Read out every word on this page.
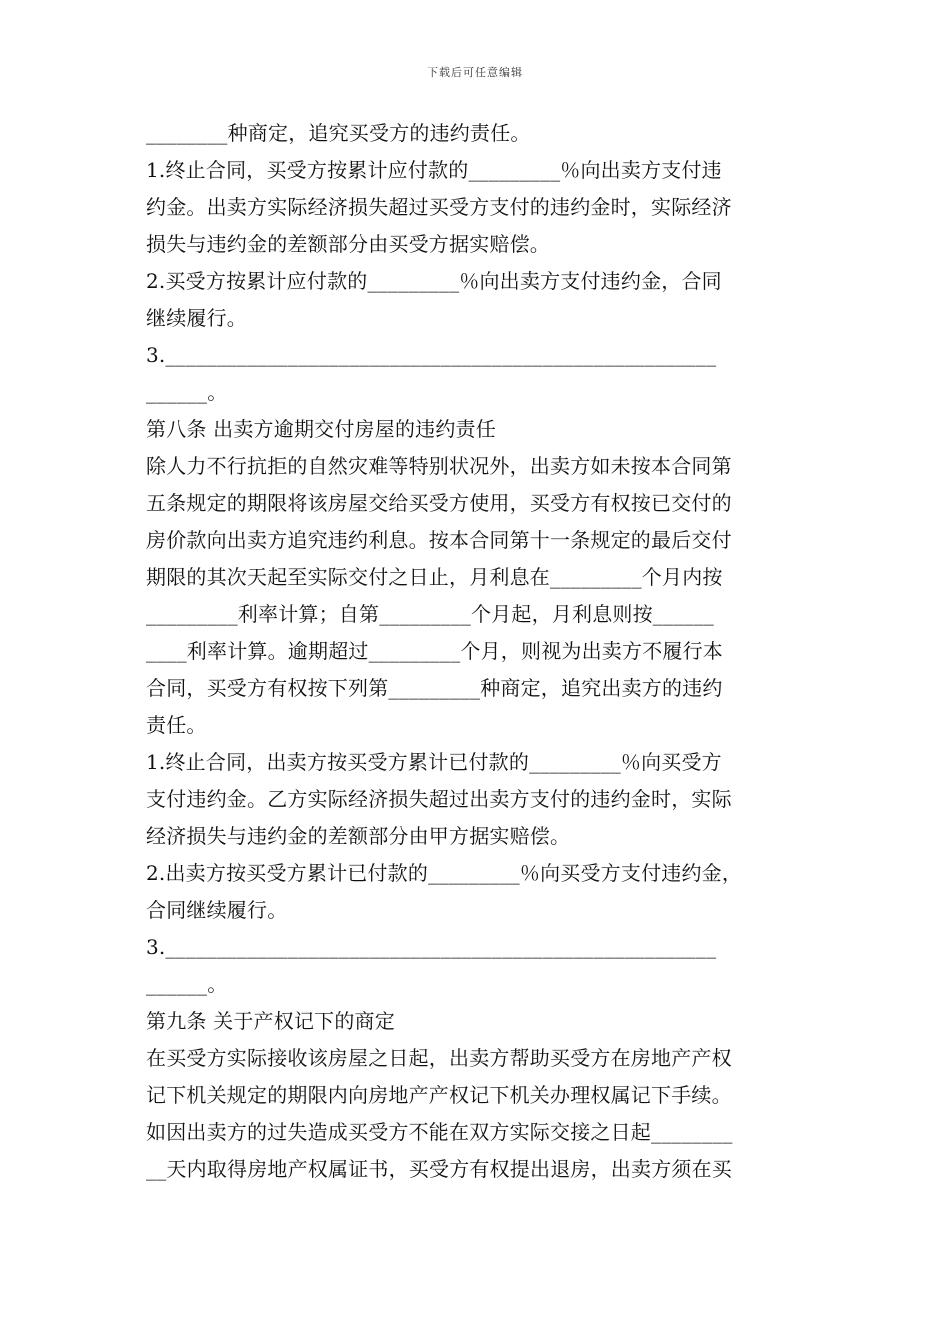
下载后可任意编辑
________种商定，追究买受方的违约责任。
1.终止合同，买受方按累计应付款的_________％向出卖方支付违
约金。出卖方实际经济损失超过买受方支付的违约金时，实际经济
损失与违约金的差额部分由买受方据实赔偿。
2.买受方按累计应付款的_________％向出卖方支付违约金，合同
继续履行。
3.______________________________________________________
______。
第八条 出卖方逾期交付房屋的违约责任
除人力不行抗拒的自然灾难等特别状况外，出卖方如未按本合同第
五条规定的期限将该房屋交给买受方使用，买受方有权按已交付的
房价款向出卖方追究违约利息。按本合同第十一条规定的最后交付
期限的其次天起至实际交付之日止，月利息在_________个月内按
_________利率计算；自第_________个月起，月利息则按______
____利率计算。逾期超过_________个月，则视为出卖方不履行本
合同，买受方有权按下列第_________种商定，追究出卖方的违约
责任。
1.终止合同，出卖方按买受方累计已付款的_________％向买受方
支付违约金。乙方实际经济损失超过出卖方支付的违约金时，实际
经济损失与违约金的差额部分由甲方据实赔偿。
2.出卖方按买受方累计已付款的_________％向买受方支付违约金，
合同继续履行。
3.______________________________________________________
______。
第九条 关于产权记下的商定
在买受方实际接收该房屋之日起，出卖方帮助买受方在房地产产权
记下机关规定的期限内向房地产产权记下机关办理权属记下手续。
如因出卖方的过失造成买受方不能在双方实际交接之日起________
__天内取得房地产权属证书，买受方有权提出退房，出卖方须在买
